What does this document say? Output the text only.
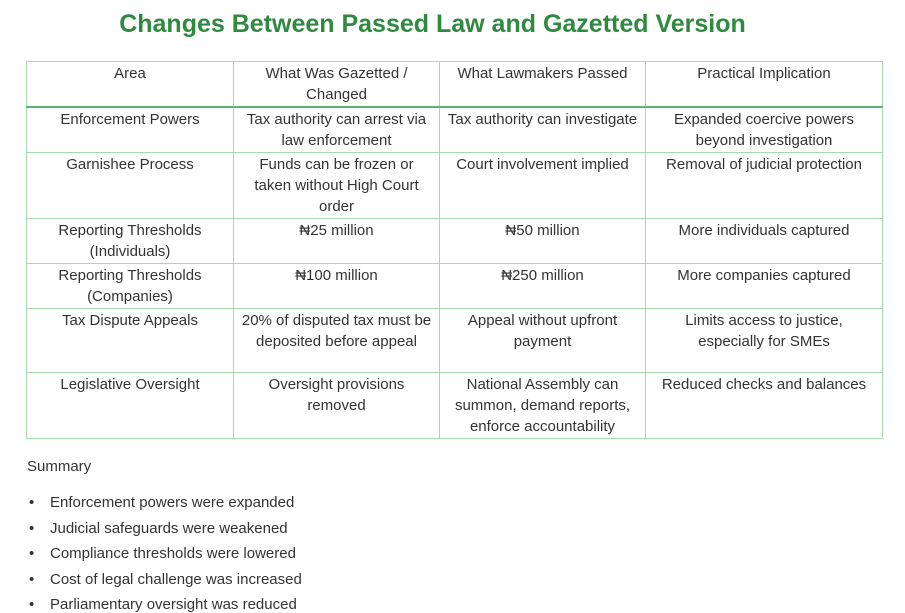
Changes Between Passed Law and Gazetted Version
Area	What Was Gazetted / Changed	What Lawmakers Passed	Practical Implication
Enforcement Powers	Tax authority can arrest via law enforcement	Tax authority can investigate	Expanded coercive powers beyond investigation
Garnishee Process	Funds can be frozen or taken without High Court order	Court involvement implied	Removal of judicial protection
Reporting Thresholds (Individuals)	₦25 million	₦50 million	More individuals captured
Reporting Thresholds (Companies)	₦100 million	₦250 million	More companies captured
Tax Dispute Appeals	20% of disputed tax must be deposited before appeal	Appeal without upfront payment	Limits access to justice, especially for SMEs
Legislative Oversight	Oversight provisions removed	National Assembly can summon, demand reports, enforce accountability	Reduced checks and balances
Summary
• Enforcement powers were expanded
• Judicial safeguards were weakened
• Compliance thresholds were lowered
• Cost of legal challenge was increased
• Parliamentary oversight was reduced
